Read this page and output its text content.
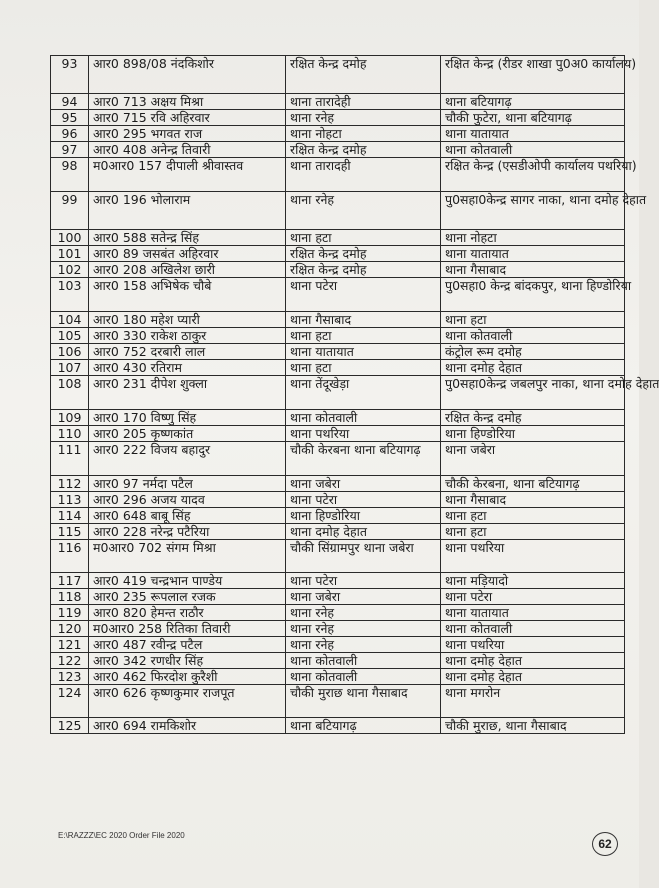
93	आर0 898/08 नंदकिशोर	रक्षित केन्द्र दमोह	रक्षित केन्द्र (रीडर शाखा पु0अ0 कार्यालय)
94	आर0 713 अक्षय मिश्रा	थाना तारादेही	थाना बटियागढ़
95	आर0 715 रवि अहिरवार	थाना रनेह	चौकी फुटेरा, थाना बटियागढ़
96	आर0 295 भगवत राज	थाना नोहटा	थाना यातायात
97	आर0 408 अनेन्द्र तिवारी	रक्षित केन्द्र दमोह	थाना कोतवाली
98	म0आर0 157 दीपाली श्रीवास्तव	थाना तारादही	रक्षित केन्द्र (एसडीओपी कार्यालय पथरिया)
99	आर0 196 भोलाराम	थाना रनेह	पु0सहा0केन्द्र सागर नाका, थाना दमोह देहात
100	आर0 588 सतेन्द्र सिंह	थाना हटा	थाना नोहटा
101	आर0 89 जसबंत अहिरवार	रक्षित केन्द्र दमोह	थाना यातायात
102	आर0 208 अखिलेश छारी	रक्षित केन्द्र दमोह	थाना गैसाबाद
103	आर0 158 अभिषेक चौबे	थाना पटेरा	पु0सहा0 केन्द्र बांदकपुर, थाना हिण्डोरिया
104	आर0 180 महेश प्यारी	थाना गैसाबाद	थाना हटा
105	आर0 330 राकेश ठाकुर	थाना हटा	थाना कोतवाली
106	आर0 752 दरबारी लाल	थाना यातायात	कंट्रोल रूम दमोह
107	आर0 430 रतिराम	थाना हटा	थाना दमोह देहात
108	आर0 231 दीपेश शुक्ला	थाना तेंदूखेड़ा	पु0सहा0केन्द्र जबलपुर नाका, थाना दमोह देहात
109	आर0 170 विष्णु सिंह	थाना कोतवाली	रक्षित केन्द्र दमोह
110	आर0 205 कृष्णकांत	थाना पथरिया	थाना हिण्डोरिया
111	आर0 222 विजय बहादुर	चौकी केरबना थाना बटियागढ़	थाना जबेरा
112	आर0 97 नर्मदा पटैल	थाना जबेरा	चौकी केरबना, थाना बटियागढ़
113	आर0 296 अजय यादव	थाना पटेरा	थाना गैसाबाद
114	आर0 648 बाबू सिंह	थाना हिण्डोरिया	थाना हटा
115	आर0 228 नरेन्द्र पटैरिया	थाना दमोह देहात	थाना हटा
116	म0आर0 702 संगम मिश्रा	चौकी सिंग्रामपुर थाना जबेरा	थाना पथरिया
117	आर0 419 चन्द्रभान पाण्डेय	थाना पटेरा	थाना मड़ियादो
118	आर0 235 रूपलाल रजक	थाना जबेरा	थाना पटेरा
119	आर0 820 हेमन्त राठौर	थाना रनेह	थाना यातायात
120	म0आर0 258 रितिका तिवारी	थाना रनेह	थाना कोतवाली
121	आर0 487 रवीन्द्र पटैल	थाना रनेह	थाना पथरिया
122	आर0 342 रणधीर सिंह	थाना कोतवाली	थाना दमोह देहात
123	आर0 462 फिरदोश कुरैशी	थाना कोतवाली	थाना दमोह देहात
124	आर0 626 कृष्णकुमार राजपूत	चौकी मुराछ थाना गैसाबाद	थाना मगरोन
125	आर0 694 रामकिशोर	थाना बटियागढ़	चौकी मुराछ, थाना गैसाबाद
E:\RAZZZ\EC 2020 Order File 2020
62
